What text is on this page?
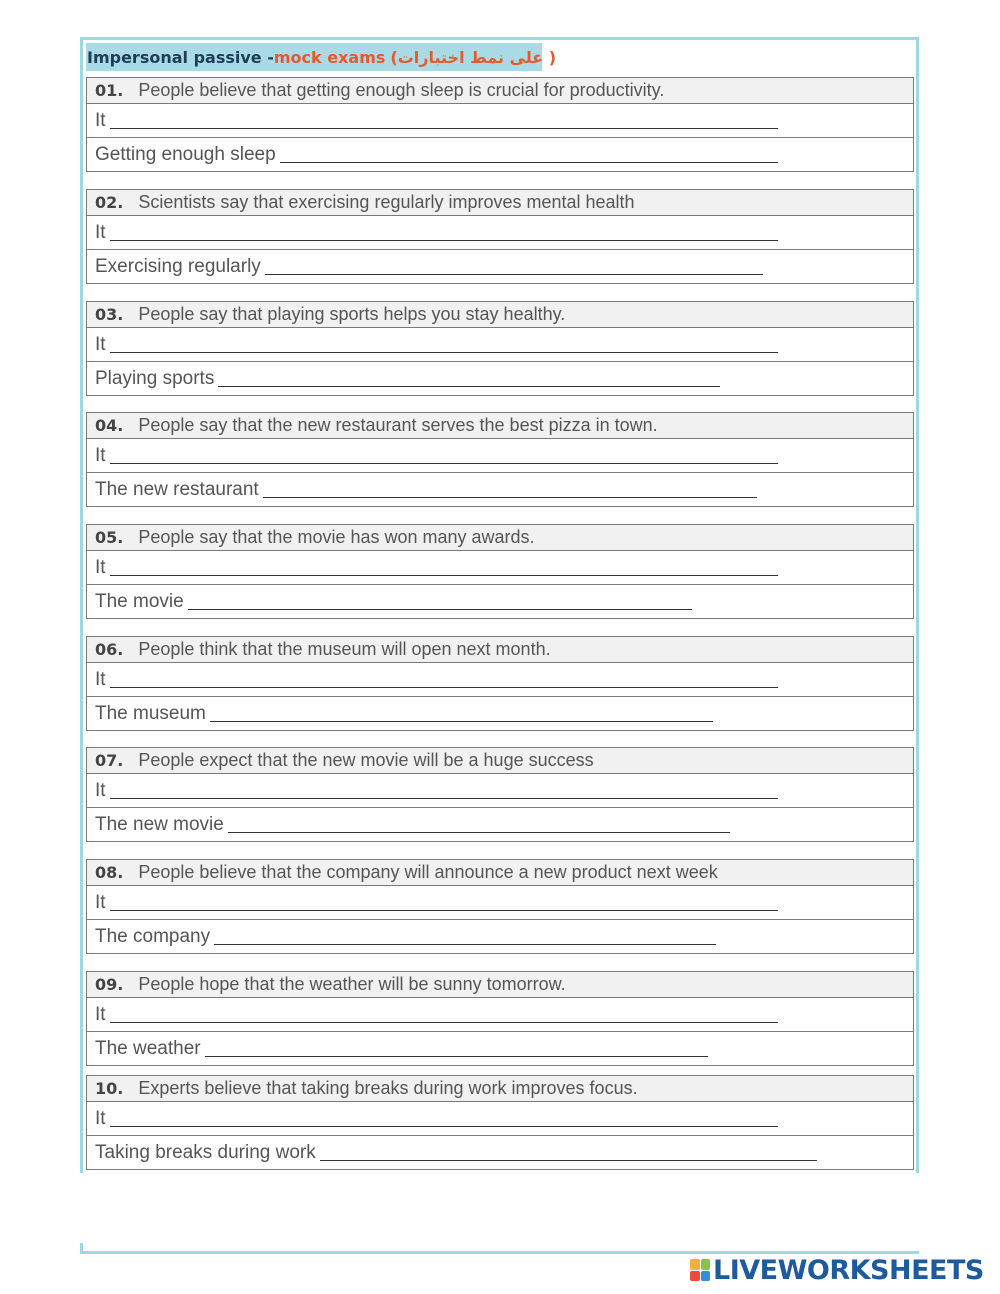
Impersonal passive - mock exams ( على نمط اختبارات)
01. People believe that getting enough sleep is crucial for productivity.
It
Getting enough sleep
02. Scientists say that exercising regularly improves mental health
It
Exercising regularly
03. People say that playing sports helps you stay healthy.
It
Playing sports
04. People say that the new restaurant serves the best pizza in town.
It
The new restaurant
05. People say that the movie has won many awards.
It
The movie
06. People think that the museum will open next month.
It
The museum
07. People expect that the new movie will be a huge success
It
The new movie
08. People believe that the company will announce a new product next week
It
The company
09. People hope that the weather will be sunny tomorrow.
It
The weather
10. Experts believe that taking breaks during work improves focus.
It
Taking breaks during work
LIVEWORKSHEETS
